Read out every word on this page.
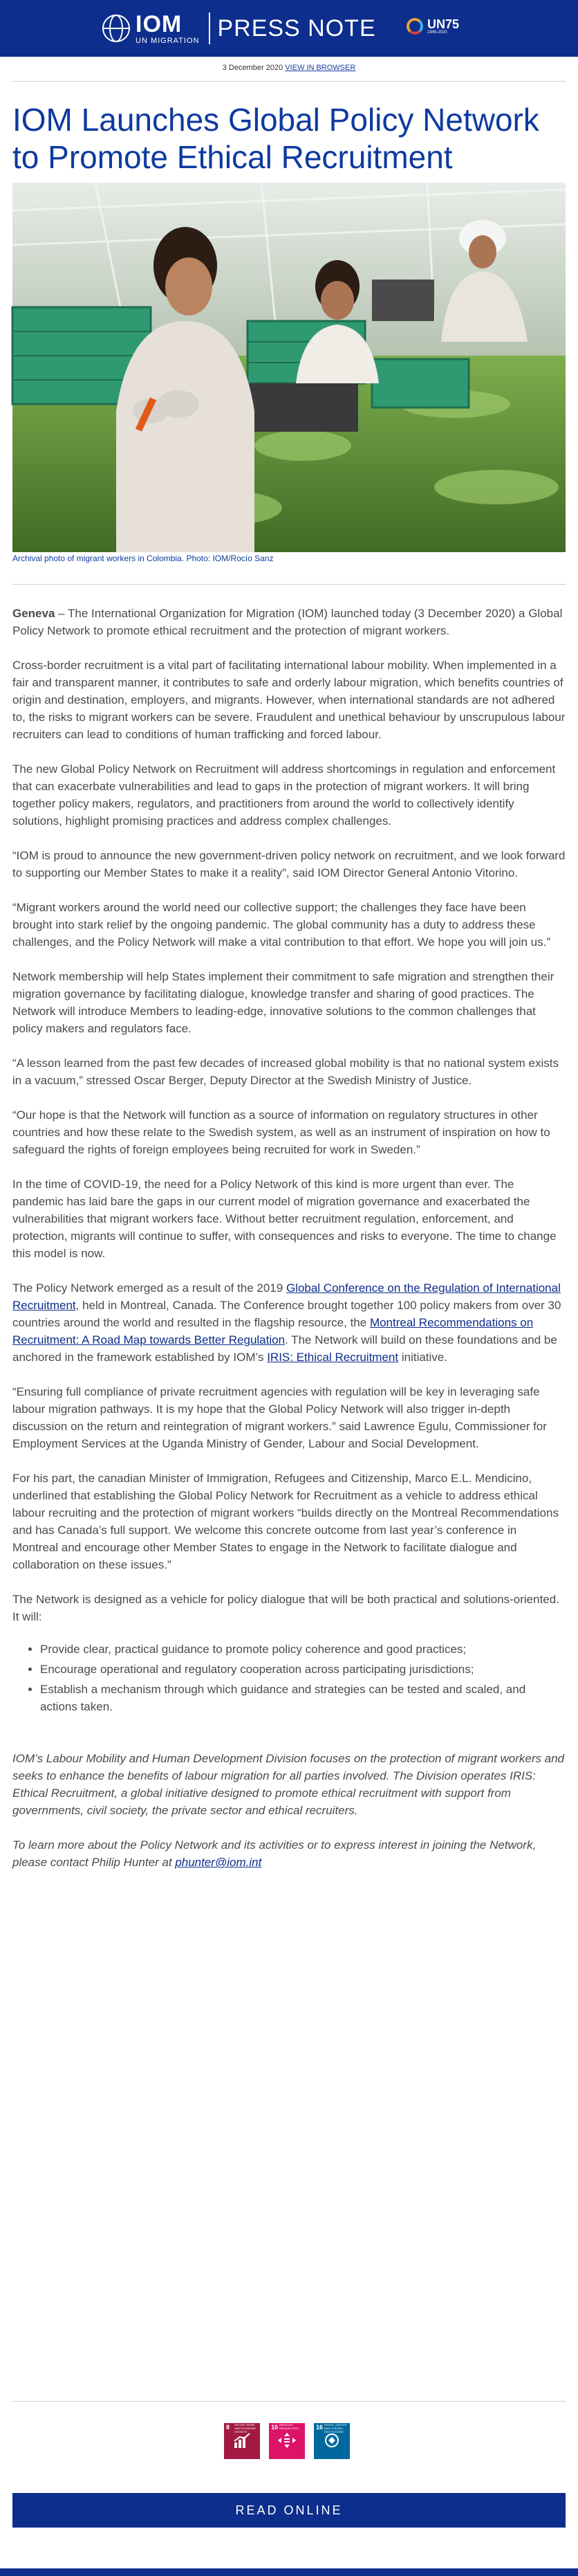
IOM
UN MIGRATION PRESS NOTE	UN75
1945-2020
3 December 2020 VIEW IN BROWSER
IOM Launches Global Policy Network to Promote Ethical Recruitment
Archival photo of migrant workers in Colombia. Photo: IOM/Rocío Sanz

Geneva – The International Organization for Migration (IOM) launched today (3 December 2020) a Global Policy Network to promote ethical recruitment and the protection of migrant workers.

Cross-border recruitment is a vital part of facilitating international labour mobility. When implemented in a fair and transparent manner, it contributes to safe and orderly labour migration, which benefits countries of origin and destination, employers, and migrants. However, when international standards are not adhered to, the risks to migrant workers can be severe. Fraudulent and unethical behaviour by unscrupulous labour recruiters can lead to conditions of human trafficking and forced labour.

The new Global Policy Network on Recruitment will address shortcomings in regulation and enforcement that can exacerbate vulnerabilities and lead to gaps in the protection of migrant workers. It will bring together policy makers, regulators, and practitioners from around the world to collectively identify solutions, highlight promising practices and address complex challenges.

“IOM is proud to announce the new government-driven policy network on recruitment, and we look forward to supporting our Member States to make it a reality”, said IOM Director General Antonio Vitorino.

“Migrant workers around the world need our collective support; the challenges they face have been brought into stark relief by the ongoing pandemic. The global community has a duty to address these challenges, and the Policy Network will make a vital contribution to that effort. We hope you will join us.”

Network membership will help States implement their commitment to safe migration and strengthen their migration governance by facilitating dialogue, knowledge transfer and sharing of good practices. The Network will introduce Members to leading-edge, innovative solutions to the common challenges that policy makers and regulators face.

“A lesson learned from the past few decades of increased global mobility is that no national system exists in a vacuum,” stressed Oscar Berger, Deputy Director at the Swedish Ministry of Justice.

“Our hope is that the Network will function as a source of information on regulatory structures in other countries and how these relate to the Swedish system, as well as an instrument of inspiration on how to safeguard the rights of foreign employees being recruited for work in Sweden.”

In the time of COVID-19, the need for a Policy Network of this kind is more urgent than ever. The pandemic has laid bare the gaps in our current model of migration governance and exacerbated the vulnerabilities that migrant workers face. Without better recruitment regulation, enforcement, and protection, migrants will continue to suffer, with consequences and risks to everyone. The time to change this model is now.

The Policy Network emerged as a result of the 2019 Global Conference on the Regulation of International Recruitment, held in Montreal, Canada. The Conference brought together 100 policy makers from over 30 countries around the world and resulted in the flagship resource, the Montreal Recommendations on Recruitment: A Road Map towards Better Regulation. The Network will build on these foundations and be anchored in the framework established by IOM’s IRIS: Ethical Recruitment initiative.

“Ensuring full compliance of private recruitment agencies with regulation will be key in leveraging safe labour migration pathways. It is my hope that the Global Policy Network will also trigger in-depth discussion on the return and reintegration of migrant workers.” said Lawrence Egulu, Commissioner for Employment Services at the Uganda Ministry of Gender, Labour and Social Development.

For his part, the canadian Minister of Immigration, Refugees and Citizenship, Marco E.L. Mendicino, underlined that establishing the Global Policy Network for Recruitment as a vehicle to address ethical labour recruiting and the protection of migrant workers “builds directly on the Montreal Recommendations and has Canada’s full support. We welcome this concrete outcome from last year’s conference in Montreal and encourage other Member States to engage in the Network to facilitate dialogue and collaboration on these issues.”

The Network is designed as a vehicle for policy dialogue that will be both practical and solutions-oriented. It will:

• Provide clear, practical guidance to promote policy coherence and good practices;
• Encourage operational and regulatory cooperation across participating jurisdictions;
• Establish a mechanism through which guidance and strategies can be tested and scaled, and actions taken.

IOM’s Labour Mobility and Human Development Division focuses on the protection of migrant workers and seeks to enhance the benefits of labour migration for all parties involved. The Division operates IRIS: Ethical Recruitment, a global initiative designed to promote ethical recruitment with support from governments, civil society, the private sector and ethical recruiters.

To learn more about the Policy Network and its activities or to express interest in joining the Network, please contact Philip Hunter at phunter@iom.int

8 DECENT WORK AND ECONOMIC GROWTH
10 REDUCED INEQUALITIES	16 PEACE, JUSTICE AND STRONG INSTITUTIONS
READ ONLINE
